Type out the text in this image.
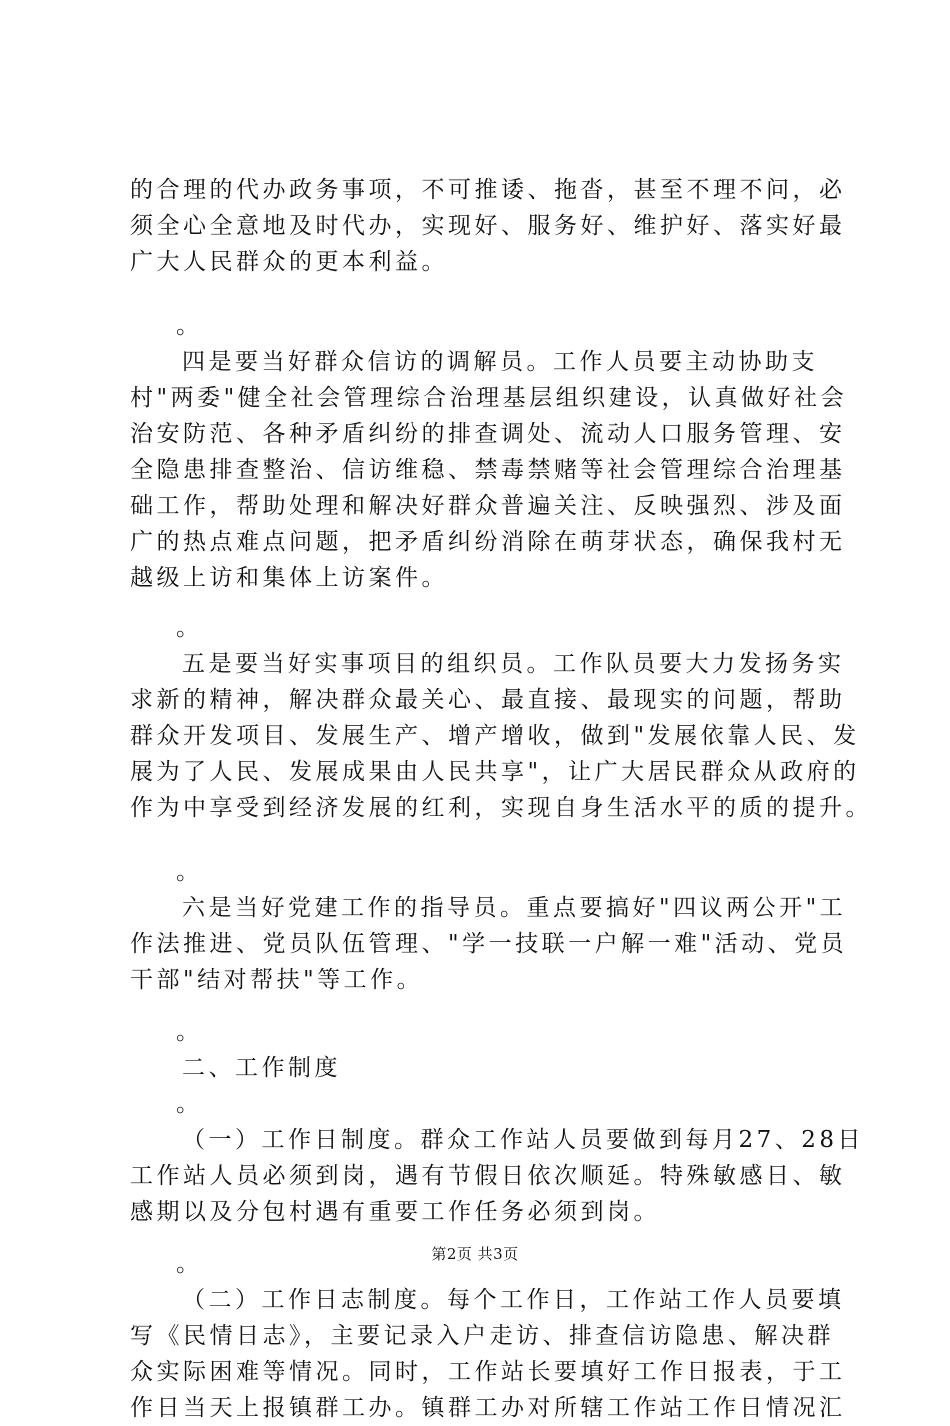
的合理的代办政务事项，不可推诿、拖沓，甚至不理不问，必
须全心全意地及时代办，实现好、服务好、维护好、落实好最
广大人民群众的更本利益。
。
四是要当好群众信访的调解员。工作人员要主动协助支
村"两委"健全社会管理综合治理基层组织建设，认真做好社会
治安防范、各种矛盾纠纷的排查调处、流动人口服务管理、安
全隐患排查整治、信访维稳、禁毒禁赌等社会管理综合治理基
础工作，帮助处理和解决好群众普遍关注、反映强烈、涉及面
广的热点难点问题，把矛盾纠纷消除在萌芽状态，确保我村无
越级上访和集体上访案件。
。
五是要当好实事项目的组织员。工作队员要大力发扬务实
求新的精神，解决群众最关心、最直接、最现实的问题，帮助
群众开发项目、发展生产、增产增收，做到"发展依靠人民、发
展为了人民、发展成果由人民共享"，让广大居民群众从政府的
作为中享受到经济发展的红利，实现自身生活水平的质的提升。
。
六是当好党建工作的指导员。重点要搞好"四议两公开"工
作法推进、党员队伍管理、"学一技联一户解一难"活动、党员
干部"结对帮扶"等工作。
。
二、工作制度
。
（一）工作日制度。群众工作站人员要做到每月27、28日
工作站人员必须到岗，遇有节假日依次顺延。特殊敏感日、敏
感期以及分包村遇有重要工作任务必须到岗。
。
（二）工作日志制度。每个工作日，工作站工作人员要填
写《民情日志》，主要记录入户走访、排查信访隐患、解决群
众实际困难等情况。同时，工作站长要填好工作日报表，于工
作日当天上报镇群工办。镇群工办对所辖工作站工作日情况汇
第2页 共3页
